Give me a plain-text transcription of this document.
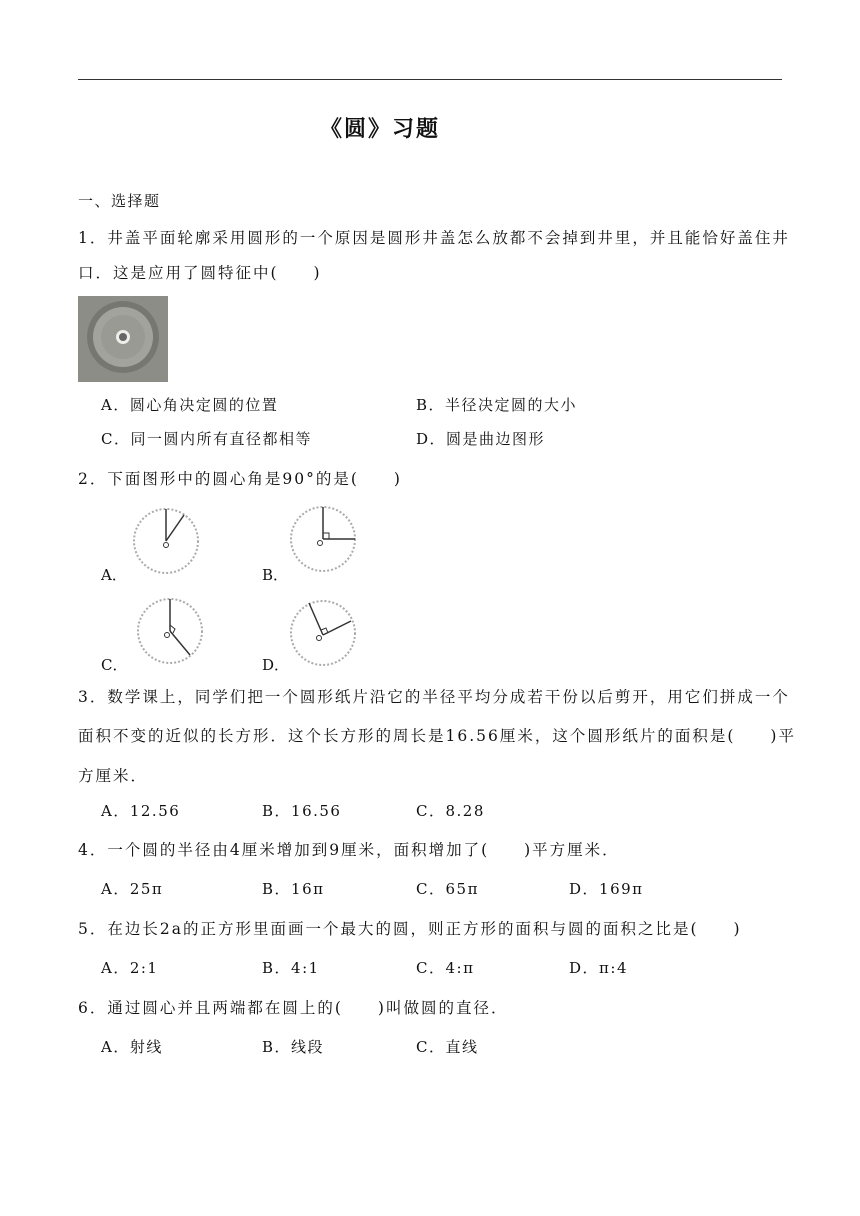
《圆》习题
一、选择题
1．井盖平面轮廓采用圆形的一个原因是圆形井盖怎么放都不会掉到井里，并且能恰好盖住井
口．这是应用了圆特征中(　　)
A．圆心角决定圆的位置	B．半径决定圆的大小
C．同一圆内所有直径都相等	D．圆是曲边图形
2．下面图形中的圆心角是90°的是(　　)
A．	B．
C．	D．
3．数学课上，同学们把一个圆形纸片沿它的半径平均分成若干份以后剪开，用它们拼成一个
面积不变的近似的长方形．这个长方形的周长是16.56厘米，这个圆形纸片的面积是(　　)平
方厘米．
A．12.56	B．16.56	C．8.28
4．一个圆的半径由4厘米增加到9厘米，面积增加了(　　)平方厘米．
A．25π	B．16π	C．65π	D．169π
5．在边长2a的正方形里面画一个最大的圆，则正方形的面积与圆的面积之比是(　　)
A．2:1	B．4:1	C．4:π	D．π:4
6．通过圆心并且两端都在圆上的(　　)叫做圆的直径．
A．射线	B．线段	C．直线
